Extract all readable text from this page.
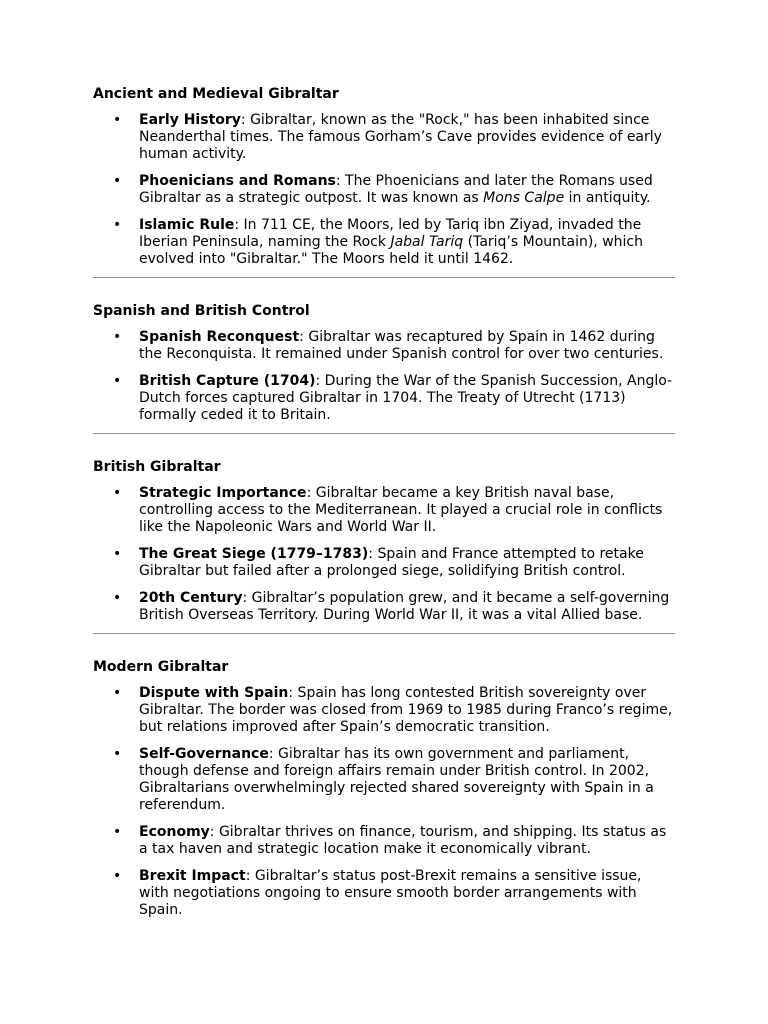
Ancient and Medieval Gibraltar
• Early History: Gibraltar, known as the "Rock," has been inhabited since Neanderthal times. The famous Gorham’s Cave provides evidence of early human activity.
• Phoenicians and Romans: The Phoenicians and later the Romans used Gibraltar as a strategic outpost. It was known as Mons Calpe in antiquity.
• Islamic Rule: In 711 CE, the Moors, led by Tariq ibn Ziyad, invaded the Iberian Peninsula, naming the Rock Jabal Tariq (Tariq’s Mountain), which evolved into "Gibraltar." The Moors held it until 1462.
Spanish and British Control
• Spanish Reconquest: Gibraltar was recaptured by Spain in 1462 during the Reconquista. It remained under Spanish control for over two centuries.
• British Capture (1704): During the War of the Spanish Succession, Anglo-Dutch forces captured Gibraltar in 1704. The Treaty of Utrecht (1713) formally ceded it to Britain.
British Gibraltar
• Strategic Importance: Gibraltar became a key British naval base, controlling access to the Mediterranean. It played a crucial role in conflicts like the Napoleonic Wars and World War II.
• The Great Siege (1779–1783): Spain and France attempted to retake Gibraltar but failed after a prolonged siege, solidifying British control.
• 20th Century: Gibraltar’s population grew, and it became a self-governing British Overseas Territory. During World War II, it was a vital Allied base.
Modern Gibraltar
• Dispute with Spain: Spain has long contested British sovereignty over Gibraltar. The border was closed from 1969 to 1985 during Franco’s regime, but relations improved after Spain’s democratic transition.
• Self-Governance: Gibraltar has its own government and parliament, though defense and foreign affairs remain under British control. In 2002, Gibraltarians overwhelmingly rejected shared sovereignty with Spain in a referendum.
• Economy: Gibraltar thrives on finance, tourism, and shipping. Its status as a tax haven and strategic location make it economically vibrant.
• Brexit Impact: Gibraltar’s status post-Brexit remains a sensitive issue, with negotiations ongoing to ensure smooth border arrangements with Spain.
